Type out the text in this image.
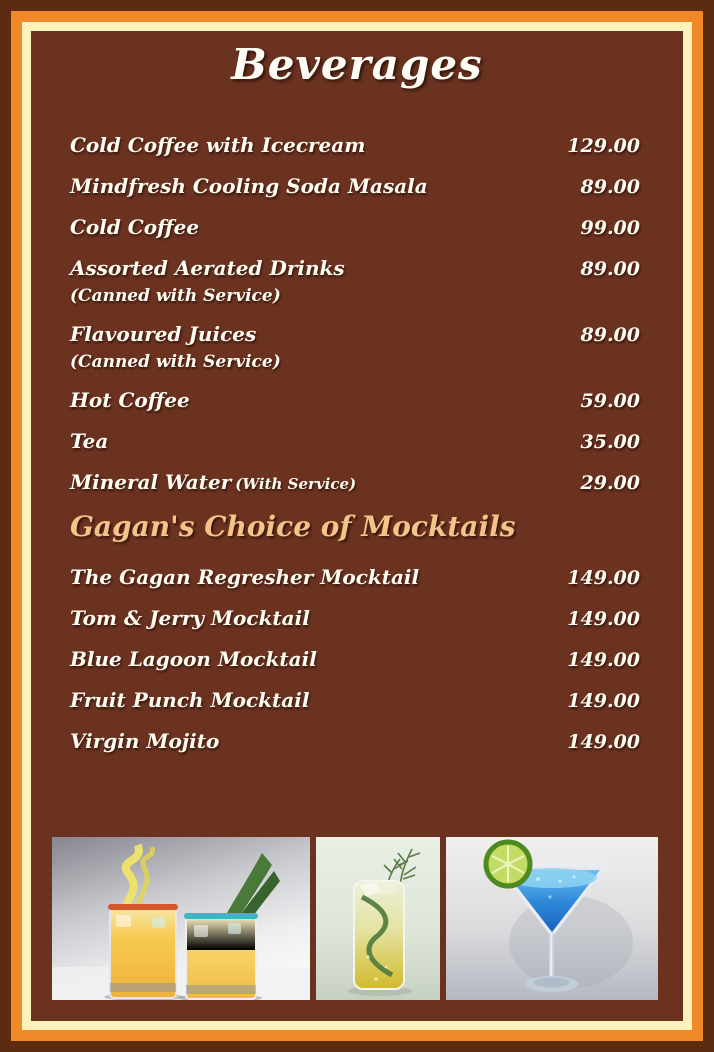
Beverages
Cold Coffee with Icecream	129.00
Mindfresh Cooling Soda Masala	89.00
Cold Coffee	99.00
Assorted Aerated Drinks	89.00
(Canned with Service)
Flavoured Juices	89.00
(Canned with Service)
Hot Coffee	59.00
Tea	35.00
Mineral Water (With Service)	29.00
Gagan's Choice of Mocktails
The Gagan Regresher Mocktail	149.00
Tom & Jerry Mocktail	149.00
Blue Lagoon Mocktail	149.00
Fruit Punch Mocktail	149.00
Virgin Mojito	149.00
